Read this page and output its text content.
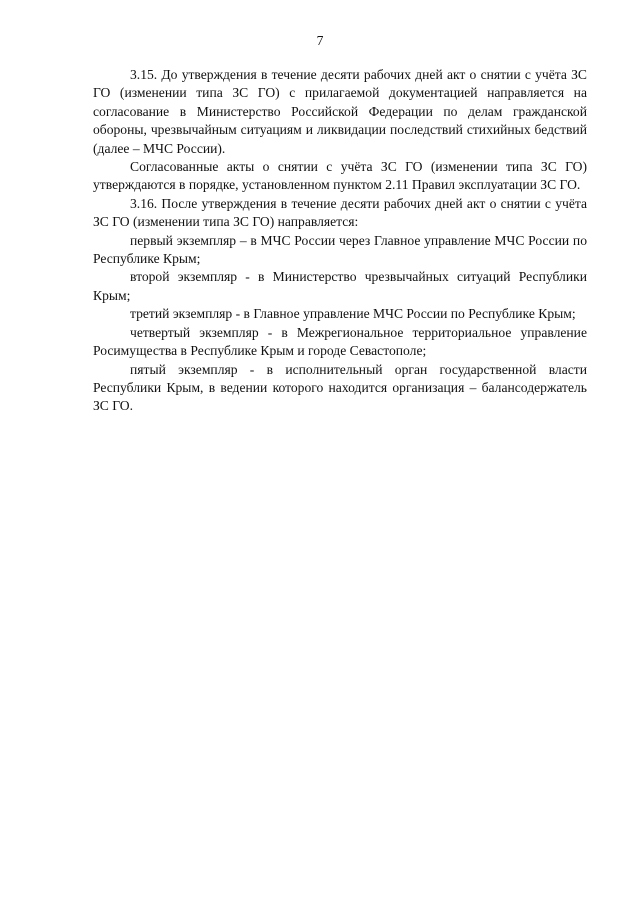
7

3.15. До утверждения в течение десяти рабочих дней акт о снятии с учёта ЗС ГО (изменении типа ЗС ГО) с прилагаемой документацией направляется на согласование в Министерство Российской Федерации по делам гражданской обороны, чрезвычайным ситуациям и ликвидации последствий стихийных бедствий (далее – МЧС России).

Согласованные акты о снятии с учёта ЗС ГО (изменении типа ЗС ГО) утверждаются в порядке, установленном пунктом 2.11 Правил эксплуатации ЗС ГО.

3.16. После утверждения в течение десяти рабочих дней акт о снятии с учёта ЗС ГО (изменении типа ЗС ГО) направляется:

первый экземпляр – в МЧС России через Главное управление МЧС России по Республике Крым;

второй экземпляр - в Министерство чрезвычайных ситуаций Республики Крым;

третий экземпляр - в Главное управление МЧС России по Республике Крым;

четвертый экземпляр - в Межрегиональное территориальное управление Росимущества в Республике Крым и городе Севастополе;

пятый экземпляр - в исполнительный орган государственной власти Республики Крым, в ведении которого находится организация – балансодержатель ЗС ГО.
